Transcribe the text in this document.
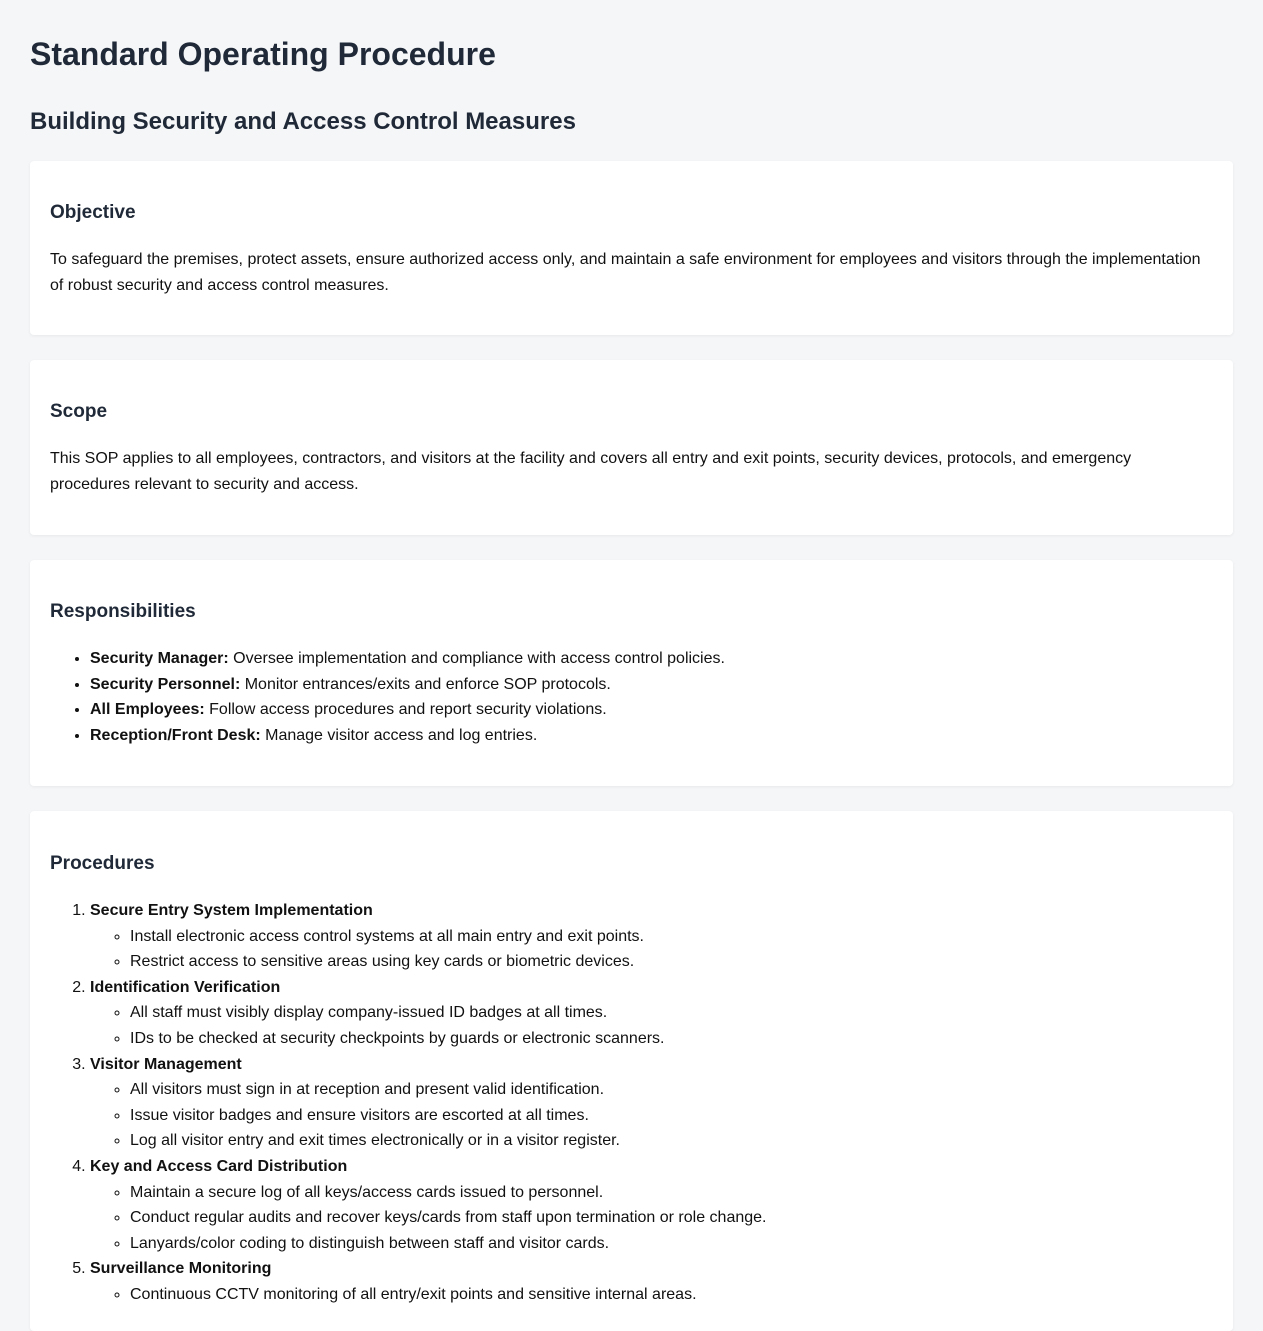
Standard Operating Procedure
Building Security and Access Control Measures
Objective

To safeguard the premises, protect assets, ensure authorized access only, and maintain a safe environment for employees and visitors through the implementation of robust security and access control measures.

Scope

This SOP applies to all employees, contractors, and visitors at the facility and covers all entry and exit points, security devices, protocols, and emergency procedures relevant to security and access.

Responsibilities
• Security Manager: Oversee implementation and compliance with access control policies.
• Security Personnel: Monitor entrances/exits and enforce SOP protocols.
• All Employees: Follow access procedures and report security violations.
• Reception/Front Desk: Manage visitor access and log entries.
Procedures
1. Secure Entry System Implementation
◦ Install electronic access control systems at all main entry and exit points.
◦ Restrict access to sensitive areas using key cards or biometric devices.
2. Identification Verification
◦ All staff must visibly display company-issued ID badges at all times.
◦ IDs to be checked at security checkpoints by guards or electronic scanners.
3. Visitor Management
◦ All visitors must sign in at reception and present valid identification.
◦ Issue visitor badges and ensure visitors are escorted at all times.
◦ Log all visitor entry and exit times electronically or in a visitor register.
4. Key and Access Card Distribution
◦ Maintain a secure log of all keys/access cards issued to personnel.
◦ Conduct regular audits and recover keys/cards from staff upon termination or role change.
◦ Lanyards/color coding to distinguish between staff and visitor cards.
5. Surveillance Monitoring
◦ Continuous CCTV monitoring of all entry/exit points and sensitive internal areas.
